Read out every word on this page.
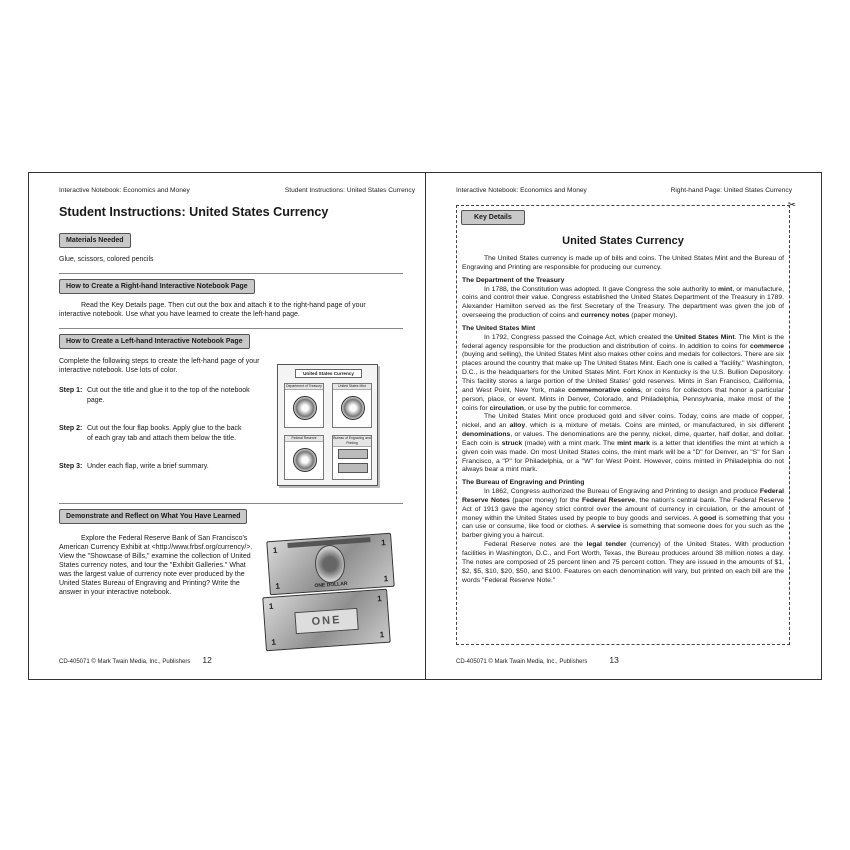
Interactive Notebook: Economics and Money	Student Instructions: United States Currency
Student Instructions: United States Currency
Materials Needed
Glue, scissors, colored pencils
How to Create a Right-hand Interactive Notebook Page
Read the Key Details page. Then cut out the box and attach it to the right-hand page of your interactive notebook. Use what you have learned to create the left-hand page.
How to Create a Left-hand Interactive Notebook Page
Complete the following steps to create the left-hand page of your interactive notebook. Use lots of color.
Step 1: Cut out the title and glue it to the top of the notebook
page.
Step 2: Cut out the four flap books. Apply glue to the back
of each gray tab and attach them below the title.
Step 3: Under each flap, write a brief summary.
United States Currency
Department of Treasury	United States Mint
Federal Reserve	Bureau of Engraving and Printing
Demonstrate and Reflect on What You Have Learned
Explore the Federal Reserve Bank of San Francisco's American Currency Exhibit at <http://www.frbsf.org/currency/>. View the "Showcase of Bills," examine the collection of United States currency notes, and tour the "Exhibit Galleries." What was the largest value of currency note ever produced by the United States Bureau of Engraving and Printing? Write the answer in your interactive notebook.
1
1
1
1
ONE DOLLAR
1
1
ONE
1
1
CD-405071 © Mark Twain Media, Inc., Publishers 12
Interactive Notebook: Economics and Money	Right-hand Page: United States Currency
✂
Key Details
United States Currency

The United States currency is made up of bills and coins. The United States Mint and the Bureau of Engraving and Printing are responsible for producing our currency.

The Department of the Treasury

In 1788, the Constitution was adopted. It gave Congress the sole authority to mint, or manufacture, coins and control their value. Congress established the United States Department of the Treasury in 1789. Alexander Hamilton served as the first Secretary of the Treasury. The department was given the job of overseeing the production of coins and currency notes (paper money).

The United States Mint

In 1792, Congress passed the Coinage Act, which created the United States Mint. The Mint is the federal agency responsible for the production and distribution of coins. In addition to coins for commerce (buying and selling), the United States Mint also makes other coins and medals for collectors. There are six places around the country that make up The United States Mint. Each one is called a "facility." Washington, D.C., is the headquarters for the United States Mint. Fort Knox in Kentucky is the U.S. Bullion Depository. This facility stores a large portion of the United States' gold reserves. Mints in San Francisco, California, and West Point, New York, make commemorative coins, or coins for collectors that honor a particular person, place, or event. Mints in Denver, Colorado, and Philadelphia, Pennsylvania, make most of the coins for circulation, or use by the public for commerce.

The United States Mint once produced gold and silver coins. Today, coins are made of copper, nickel, and an alloy, which is a mixture of metals. Coins are minted, or manufactured, in six different denominations, or values. The denominations are the penny, nickel, dime, quarter, half dollar, and dollar. Each coin is struck (made) with a mint mark. The mint mark is a letter that identifies the mint at which a given coin was made. On most United States coins, the mint mark will be a "D" for Denver, an "S" for San Francisco, a "P" for Philadelphia, or a "W" for West Point. However, coins minted in Philadelphia do not always bear a mint mark.

The Bureau of Engraving and Printing

In 1862, Congress authorized the Bureau of Engraving and Printing to design and produce Federal Reserve Notes (paper money) for the Federal Reserve, the nation's central bank. The Federal Reserve Act of 1913 gave the agency strict control over the amount of currency in circulation, or the amount of money within the United States used by people to buy goods and services. A good is something that you can use or consume, like food or clothes. A service is something that someone does for you such as the barber giving you a haircut.

Federal Reserve notes are the legal tender (currency) of the United States. With production facilities in Washington, D.C., and Fort Worth, Texas, the Bureau produces around 38 million notes a day. The notes are composed of 25 percent linen and 75 percent cotton. They are issued in the amounts of $1, $2, $5, $10, $20, $50, and $100. Features on each denomination will vary, but printed on each bill are the words "Federal Reserve Note."

CD-405071 © Mark Twain Media, Inc., Publishers	13
